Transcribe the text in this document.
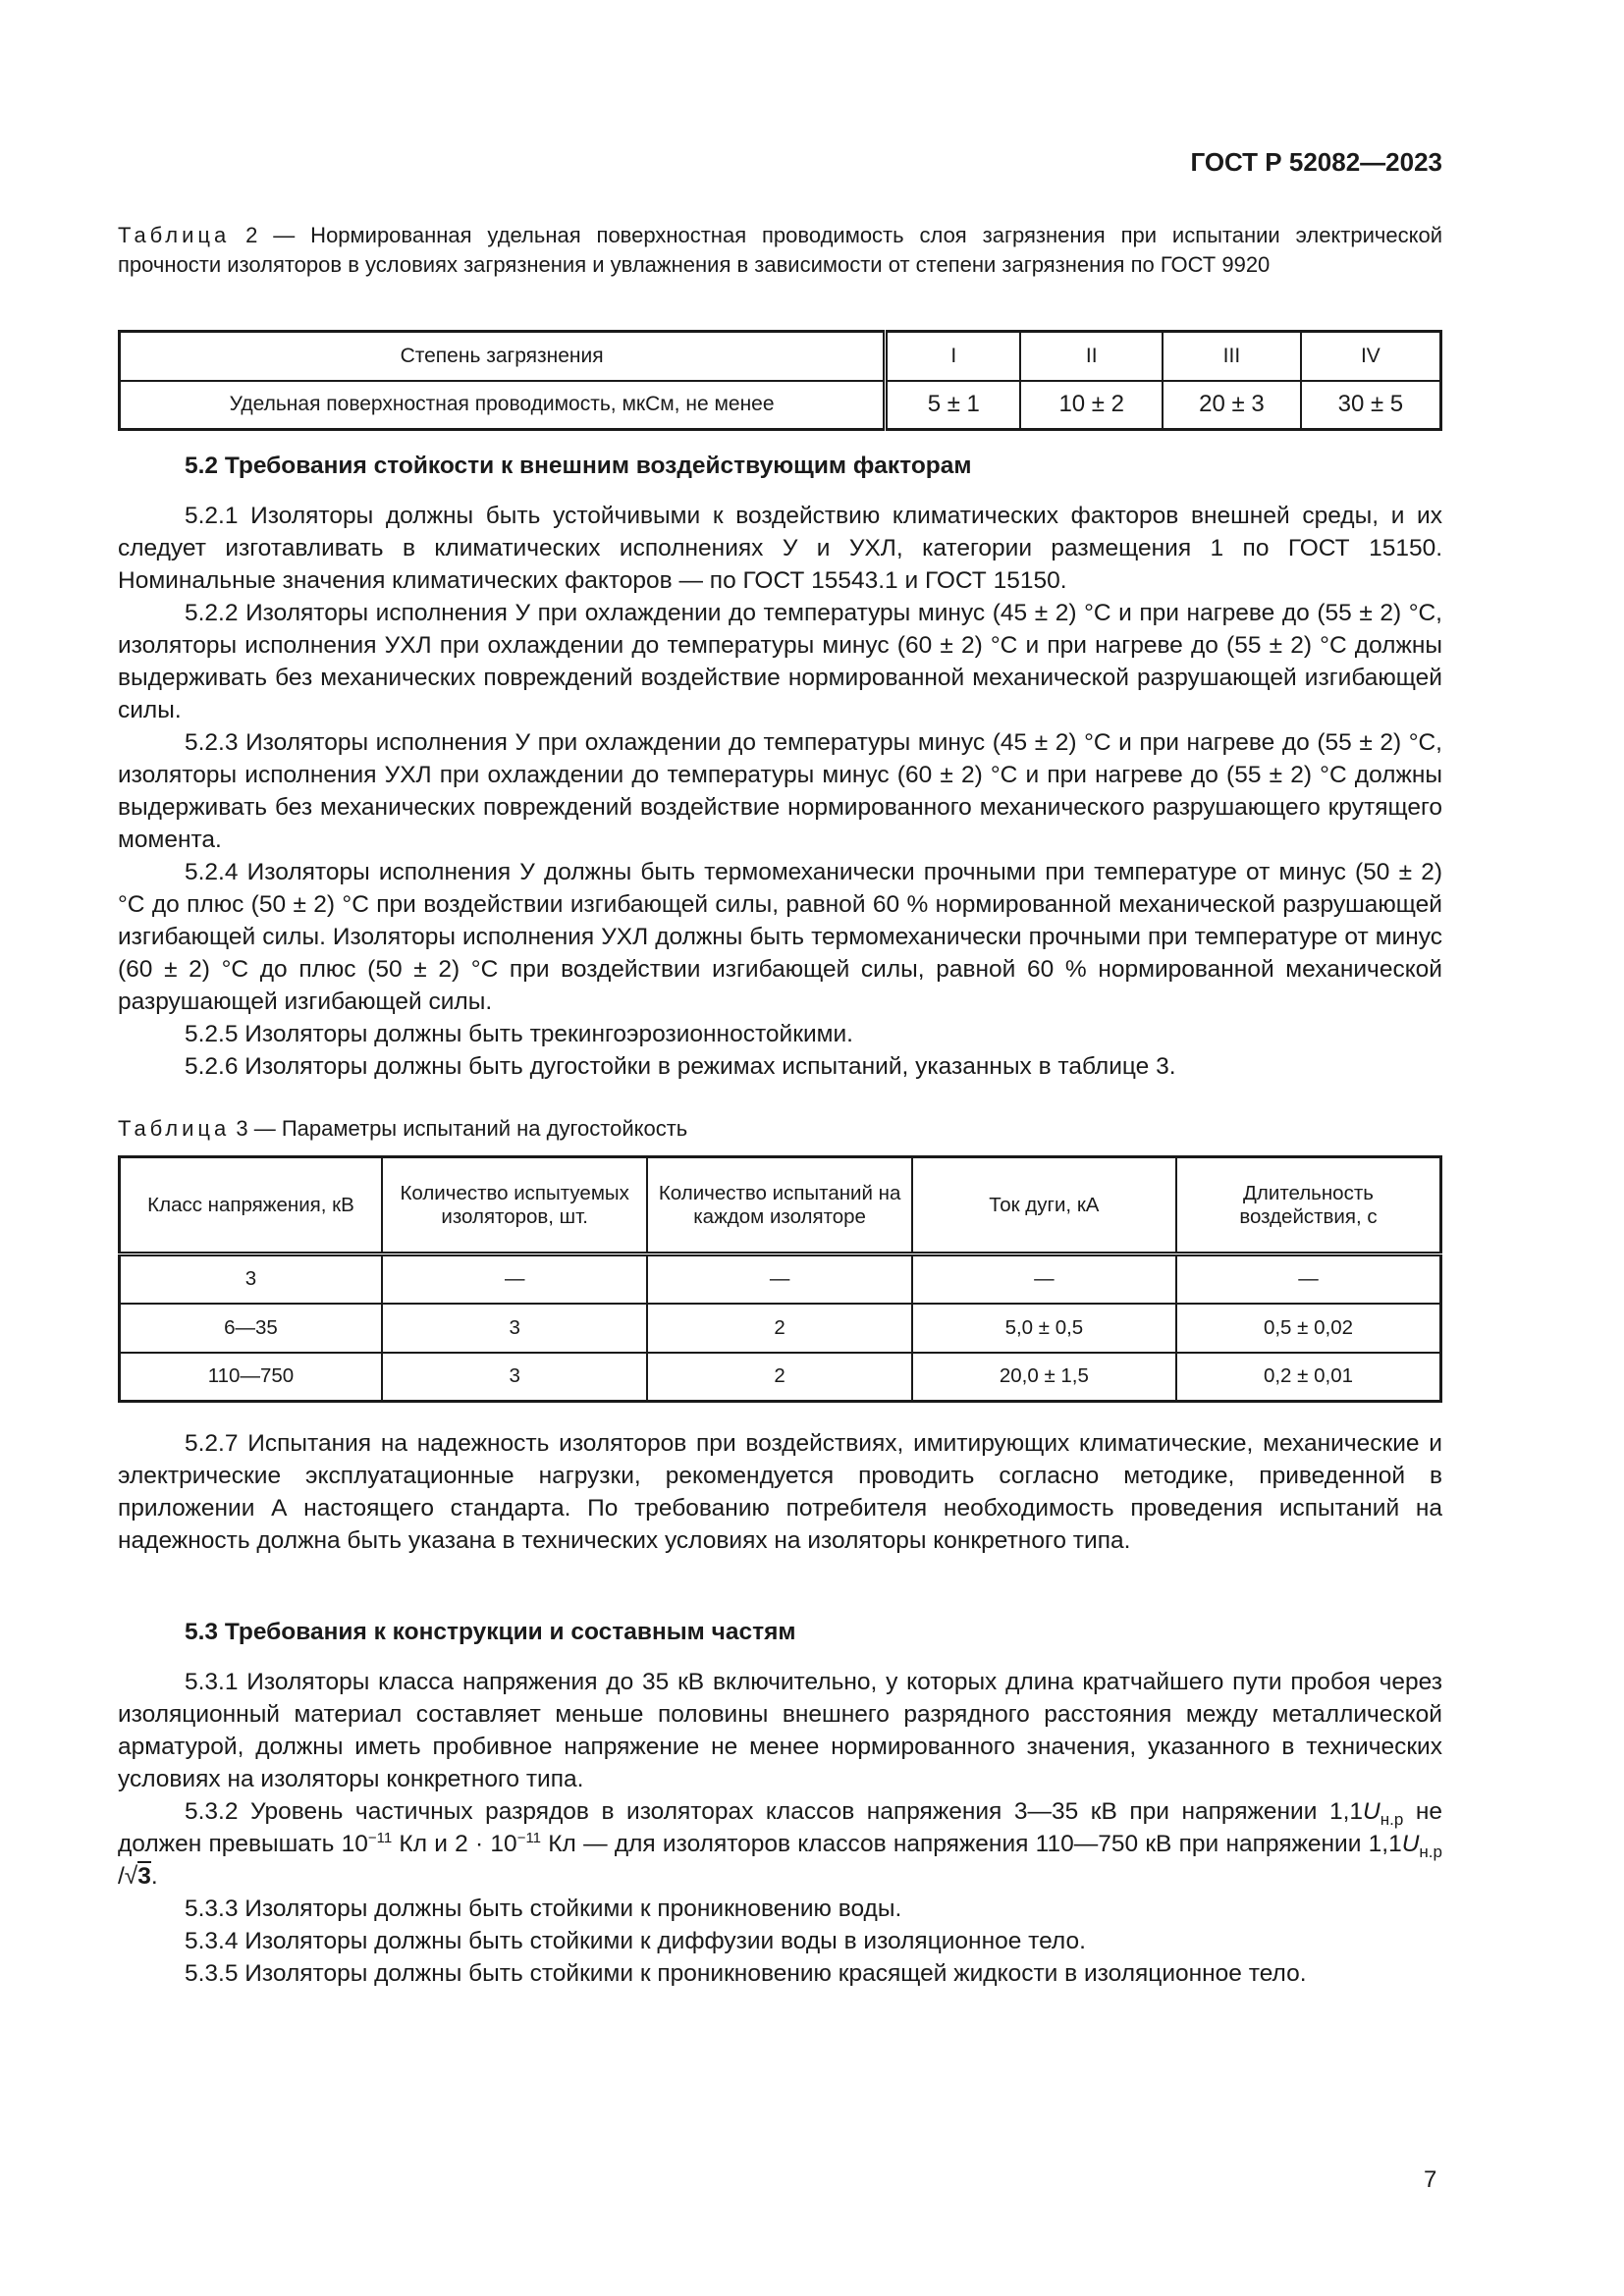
ГОСТ Р 52082—2023
Таблица 2 — Нормированная удельная поверхностная проводимость слоя загрязнения при испытании электрической прочности изоляторов в условиях загрязнения и увлажнения в зависимости от степени загрязнения по ГОСТ 9920
Степень загрязнения	I	II	III	IV
Удельная поверхностная проводимость, мкСм, не менее	5 ± 1	10 ± 2	20 ± 3	30 ± 5

5.2 Требования стойкости к внешним воздействующим факторам

5.2.1 Изоляторы должны быть устойчивыми к воздействию климатических факторов внешней среды, и их следует изготавливать в климатических исполнениях У и УХЛ, категории размещения 1 по ГОСТ 15150. Номинальные значения климатических факторов — по ГОСТ 15543.1 и ГОСТ 15150.

5.2.2 Изоляторы исполнения У при охлаждении до температуры минус (45 ± 2) °С и при нагреве до (55 ± 2) °С, изоляторы исполнения УХЛ при охлаждении до температуры минус (60 ± 2) °С и при нагреве до (55 ± 2) °С должны выдерживать без механических повреждений воздействие нормированной механической разрушающей изгибающей силы.

5.2.3 Изоляторы исполнения У при охлаждении до температуры минус (45 ± 2) °С и при нагреве до (55 ± 2) °С, изоляторы исполнения УХЛ при охлаждении до температуры минус (60 ± 2) °С и при нагреве до (55 ± 2) °С должны выдерживать без механических повреждений воздействие нормированного механического разрушающего крутящего момента.

5.2.4 Изоляторы исполнения У должны быть термомеханически прочными при температуре от минус (50 ± 2) °С до плюс (50 ± 2) °С при воздействии изгибающей силы, равной 60 % нормированной механической разрушающей изгибающей силы. Изоляторы исполнения УХЛ должны быть термомеханически прочными при температуре от минус (60 ± 2) °С до плюс (50 ± 2) °С при воздействии изгибающей силы, равной 60 % нормированной механической разрушающей изгибающей силы.

5.2.5 Изоляторы должны быть трекингоэрозионностойкими.

5.2.6 Изоляторы должны быть дугостойки в режимах испытаний, указанных в таблице 3.

Таблица 3 — Параметры испытаний на дугостойкость
Класс напряжения, кВ	Количество испытуемых изоляторов, шт.	Количество испытаний на каждом изоляторе	Ток дуги, кА	Длительность воздействия, с
3	—	—	—	—
6—35	3	2	5,0 ± 0,5	0,5 ± 0,02
110—750	3	2	20,0 ± 1,5	0,2 ± 0,01

5.2.7 Испытания на надежность изоляторов при воздействиях, имитирующих климатические, механические и электрические эксплуатационные нагрузки, рекомендуется проводить согласно методике, приведенной в приложении А настоящего стандарта. По требованию потребителя необходимость проведения испытаний на надежность должна быть указана в технических условиях на изоляторы конкретного типа.

5.3 Требования к конструкции и составным частям

5.3.1 Изоляторы класса напряжения до 35 кВ включительно, у которых длина кратчайшего пути пробоя через изоляционный материал составляет меньше половины внешнего разрядного расстояния между металлической арматурой, должны иметь пробивное напряжение не менее нормированного значения, указанного в технических условиях на изоляторы конкретного типа.

5.3.2 Уровень частичных разрядов в изоляторах классов напряжения 3—35 кВ при напряжении $1,1U_{н.р}$ не должен превышать $10^{-11}$ Кл и $2 \cdot 10^{-11}$ Кл — для изоляторов классов напряжения 110—750 кВ при напряжении $1,1U_{н.р}$ /√3.

5.3.3 Изоляторы должны быть стойкими к проникновению воды.

5.3.4 Изоляторы должны быть стойкими к диффузии воды в изоляционное тело.

5.3.5 Изоляторы должны быть стойкими к проникновению красящей жидкости в изоляционное тело.

7
